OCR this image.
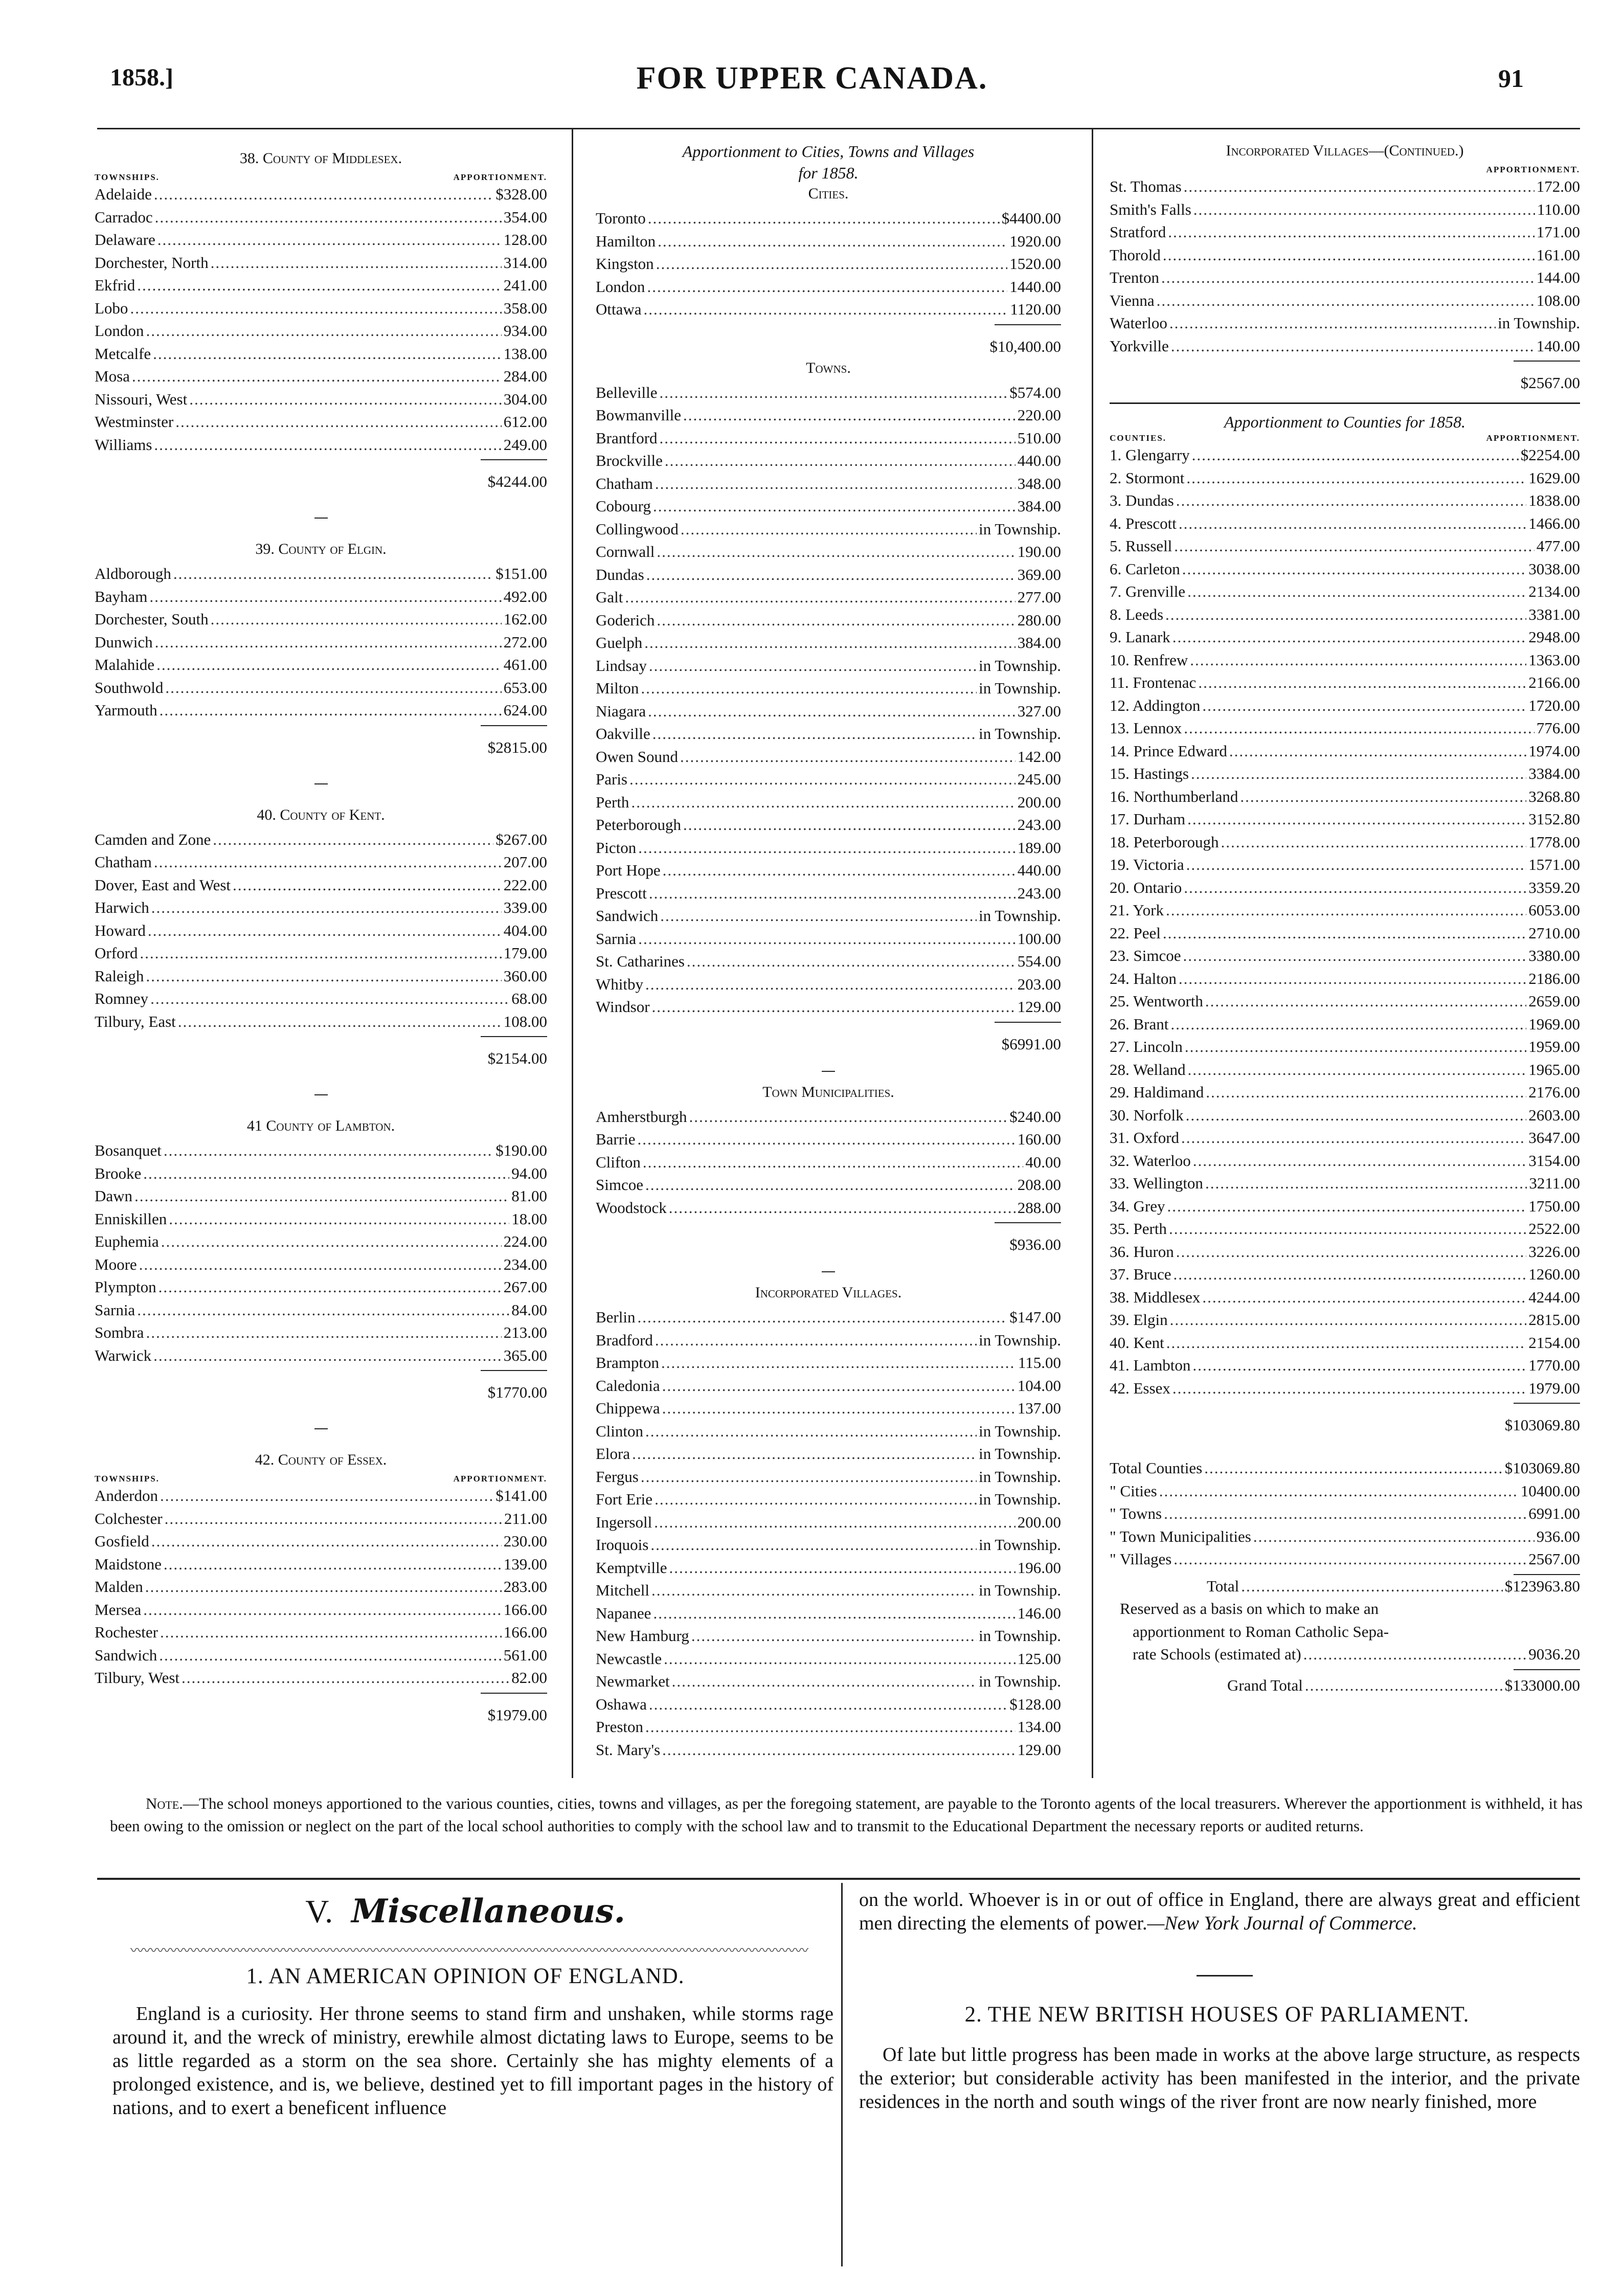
1858.]	FOR UPPER CANADA.	91
38. County of Middlesex.
TOWNSHIPS.	APPORTIONMENT.
Adelaide .....	$328.00
Carradoc .....	354.00
Delaware .....	128.00
Dorchester, North .....	314.00
Ekfrid .....	241.00
Lobo .....	358.00
London .....	934.00
Metcalfe .....	138.00
Mosa .....	284.00
Nissouri, West .....	304.00
Westminster .....	612.00
Williams .....	249.00
$4244.00
39. County of Elgin.
Aldborough .....	$151.00
Bayham .....	492.00
Dorchester, South .....	162.00
Dunwich .....	272.00
Malahide .....	461.00
Southwold .....	653.00
Yarmouth .....	624.00
$2815.00
40. County of Kent.
Camden and Zone .....	$267.00
Chatham .....	207.00
Dover, East and West .....	222.00
Harwich .....	339.00
Howard .....	404.00
Orford .....	179.00
Raleigh .....	360.00
Romney .....	68.00
Tilbury, East .....	108.00
$2154.00
41 County of Lambton.
Bosanquet .....	$190.00
Brooke .....	94.00
Dawn .....	81.00
Enniskillen .....	18.00
Euphemia .....	224.00
Moore .....	234.00
Plympton .....	267.00
Sarnia .....	84.00
Sombra .....	213.00
Warwick .....	365.00
$1770.00
42. County of Essex.
TOWNSHIPS.	APPORTIONMENT.
Anderdon .....	$141.00
Colchester .....	211.00
Gosfield .....	230.00
Maidstone .....	139.00
Malden .....	283.00
Mersea .....	166.00
Rochester .....	166.00
Sandwich .....	561.00
Tilbury, West .....	82.00
$1979.00
Apportionment to Cities, Towns and Villages
for 1858.
Cities.
Toronto .....	$4400.00
Hamilton .....	1920.00
Kingston .....	1520.00
London .....	1440.00
Ottawa .....	1120.00
$10,400.00
Towns.
Belleville .....	$574.00
Bowmanville .....	220.00
Brantford .....	510.00
Brockville .....	440.00
Chatham .....	348.00
Cobourg .....	384.00
Collingwood .....	in Township.
Cornwall .....	190.00
Dundas .....	369.00
Galt .....	277.00
Goderich .....	280.00
Guelph .....	384.00
Lindsay .....	in Township.
Milton .....	in Township.
Niagara .....	327.00
Oakville .....	in Township.
Owen Sound .....	142.00
Paris .....	245.00
Perth .....	200.00
Peterborough .....	243.00
Picton .....	189.00
Port Hope .....	440.00
Prescott .....	243.00
Sandwich .....	in Township.
Sarnia .....	100.00
St. Catharines .....	554.00
Whitby .....	203.00
Windsor .....	129.00
$6991.00
Town Municipalities.
Amherstburgh .....	$240.00
Barrie .....	160.00
Clifton .....	40.00
Simcoe .....	208.00
Woodstock .....	288.00
$936.00
Incorporated Villages.
Berlin .....	$147.00
Bradford .....	in Township.
Brampton .....	115.00
Caledonia .....	104.00
Chippewa .....	137.00
Clinton .....	in Township.
Elora .....	in Township.
Fergus .....	in Township.
Fort Erie .....	in Township.
Ingersoll .....	200.00
Iroquois .....	in Township.
Kemptville .....	196.00
Mitchell .....	in Township.
Napanee .....	146.00
New Hamburg .....	in Township.
Newcastle .....	125.00
Newmarket .....	in Township.
Oshawa .....	$128.00
Preston .....	134.00
St. Mary's .....	129.00
Incorporated Villages—(Continued.)
APPORTIONMENT.
St. Thomas .....	172.00
Smith's Falls .....	110.00
Stratford .....	171.00
Thorold .....	161.00
Trenton .....	144.00
Vienna .....	108.00
Waterloo .....	in Township.
Yorkville .....	140.00
$2567.00
Apportionment to Counties for 1858.
COUNTIES.	APPORTIONMENT.
1. Glengarry .....	$2254.00
2. Stormont .....	1629.00
3. Dundas .....	1838.00
4. Prescott .....	1466.00
5. Russell .....	477.00
6. Carleton .....	3038.00
7. Grenville .....	2134.00
8. Leeds .....	3381.00
9. Lanark .....	2948.00
10. Renfrew .....	1363.00
11. Frontenac .....	2166.00
12. Addington .....	1720.00
13. Lennox .....	776.00
14. Prince Edward .....	1974.00
15. Hastings .....	3384.00
16. Northumberland .....	3268.80
17. Durham .....	3152.80
18. Peterborough .....	1778.00
19. Victoria .....	1571.00
20. Ontario .....	3359.20
21. York .....	6053.00
22. Peel .....	2710.00
23. Simcoe .....	3380.00
24. Halton .....	2186.00
25. Wentworth .....	2659.00
26. Brant .....	1969.00
27. Lincoln .....	1959.00
28. Welland .....	1965.00
29. Haldimand .....	2176.00
30. Norfolk .....	2603.00
31. Oxford .....	3647.00
32. Waterloo .....	3154.00
33. Wellington .....	3211.00
34. Grey .....	1750.00
35. Perth .....	2522.00
36. Huron .....	3226.00
37. Bruce .....	1260.00
38. Middlesex .....	4244.00
39. Elgin .....	2815.00
40. Kent .....	2154.00
41. Lambton .....	1770.00
42. Essex .....	1979.00
$103069.80
Total Counties .....	$103069.80
" Cities .....	10400.00
" Towns .....	6991.00
" Town Municipalities .....	936.00
" Villages .....	2567.00
Total .....	$123963.80
Reserved as a basis on which to make an
apportionment to Roman Catholic Sepa-
rate Schools (estimated at) .....	9036.20
Grand Total .....	$133000.00
Note.—The school moneys apportioned to the various counties, cities, towns and villages, as per the foregoing statement, are payable to the Toronto agents of the local treasurers. Wherever the apportionment is withheld, it has been owing to the omission or neglect on the part of the local school authorities to comply with the school law and to transmit to the Educational Department the necessary reports or audited returns.
V. Miscellaneous.
〰〰〰〰〰〰〰〰〰〰〰〰〰〰〰〰〰〰〰〰〰〰〰〰〰〰〰〰〰〰〰〰〰〰〰〰〰〰〰〰〰〰〰〰〰〰〰〰〰〰〰
1. AN AMERICAN OPINION OF ENGLAND.
England is a curiosity. Her throne seems to stand firm and unshaken, while storms rage around it, and the wreck of ministry, erewhile almost dictating laws to Europe, seems to be as little regarded as a storm on the sea shore. Certainly she has mighty elements of a prolonged existence, and is, we believe, destined yet to fill important pages in the history of nations, and to exert a beneficent influence
on the world. Whoever is in or out of office in England, there are always great and efficient men directing the elements of power.—New York Journal of Commerce.
2. THE NEW BRITISH HOUSES OF PARLIAMENT.
Of late but little progress has been made in works at the above large structure, as respects the exterior; but considerable activity has been manifested in the interior, and the private residences in the north and south wings of the river front are now nearly finished, more
